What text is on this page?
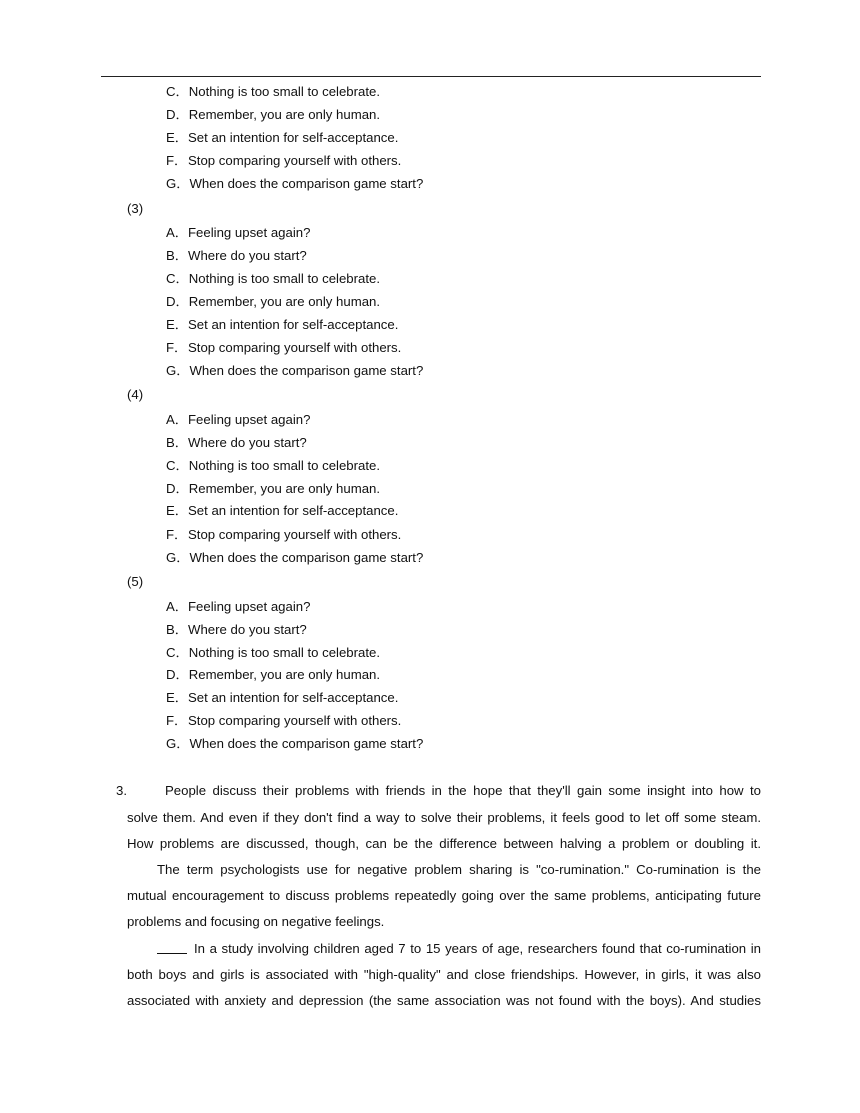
C．Nothing is too small to celebrate.
D．Remember, you are only human.
E．Set an intention for self-acceptance.
F．Stop comparing yourself with others.
G．When does the comparison game start?
(3)
A．Feeling upset again?
B．Where do you start?
C．Nothing is too small to celebrate.
D．Remember, you are only human.
E．Set an intention for self-acceptance.
F．Stop comparing yourself with others.
G．When does the comparison game start?
(4)
A．Feeling upset again?
B．Where do you start?
C．Nothing is too small to celebrate.
D．Remember, you are only human.
E．Set an intention for self-acceptance.
F．Stop comparing yourself with others.
G．When does the comparison game start?
(5)
A．Feeling upset again?
B．Where do you start?
C．Nothing is too small to celebrate.
D．Remember, you are only human.
E．Set an intention for self-acceptance.
F．Stop comparing yourself with others.
G．When does the comparison game start?
3.	People discuss their problems with friends in the hope that they'll gain some insight into how to
solve them. And even if they don't find a way to solve their problems, it feels good to let off some steam.
How problems are discussed, though, can be the difference between halving a problem or doubling it.
The term psychologists use for negative problem sharing is "co-rumination." Co-rumination is the
mutual encouragement to discuss problems repeatedly going over the same problems, anticipating future
problems and focusing on negative feelings.
In a study involving children aged 7 to 15 years of age, researchers found that co-rumination in
both boys and girls is associated with "high-quality" and close friendships. However, in girls, it was also
associated with anxiety and depression (the same association was not found with the boys). And studies
